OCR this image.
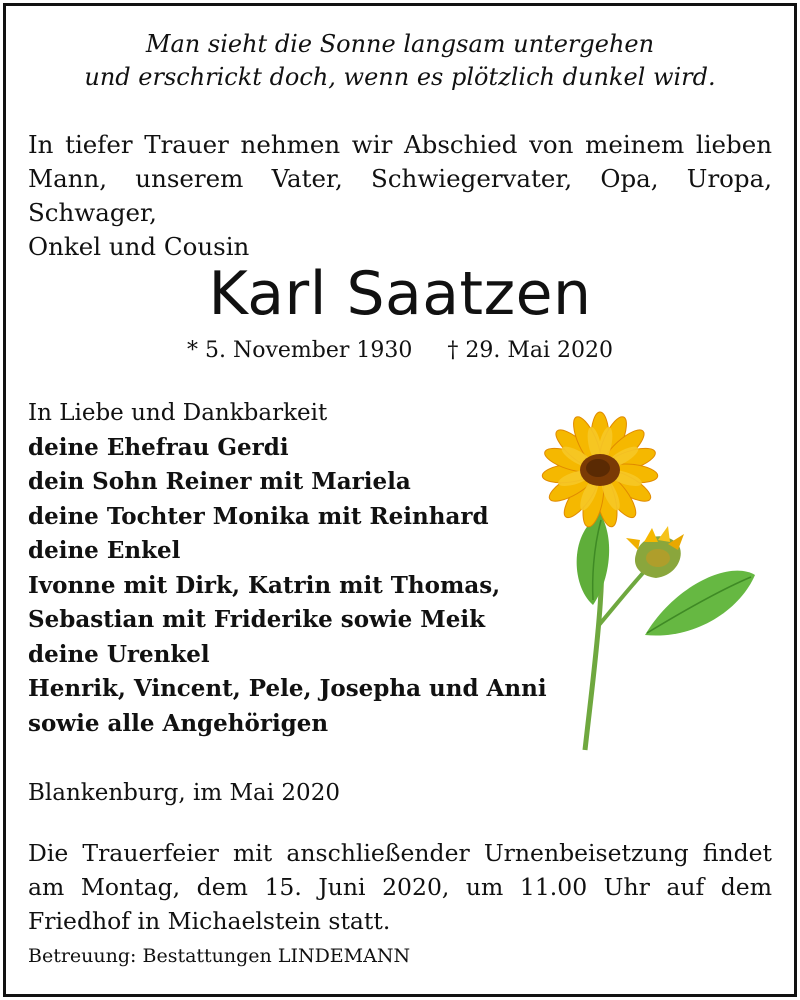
Man sieht die Sonne langsam untergehen
und erschrickt doch, wenn es plötzlich dunkel wird.
In tiefer Trauer nehmen wir Abschied von meinem lieben
Mann, unserem Vater, Schwiegervater, Opa, Uropa, Schwager,
Onkel und Cousin
Karl Saatzen
* 5. November 1930 † 29. Mai 2020
In Liebe und Dankbarkeit
deine Ehefrau Gerdi
dein Sohn Reiner mit Mariela
deine Tochter Monika mit Reinhard
deine Enkel
Ivonne mit Dirk, Katrin mit Thomas,
Sebastian mit Friderike sowie Meik
deine Urenkel
Henrik, Vincent, Pele, Josepha und Anni
sowie alle Angehörigen
Blankenburg, im Mai 2020
Die Trauerfeier mit anschließender Urnenbeisetzung findet
am Montag, dem 15. Juni 2020, um 11.00 Uhr auf dem
Friedhof in Michaelstein statt.
Betreuung: Bestattungen LINDEMANN
